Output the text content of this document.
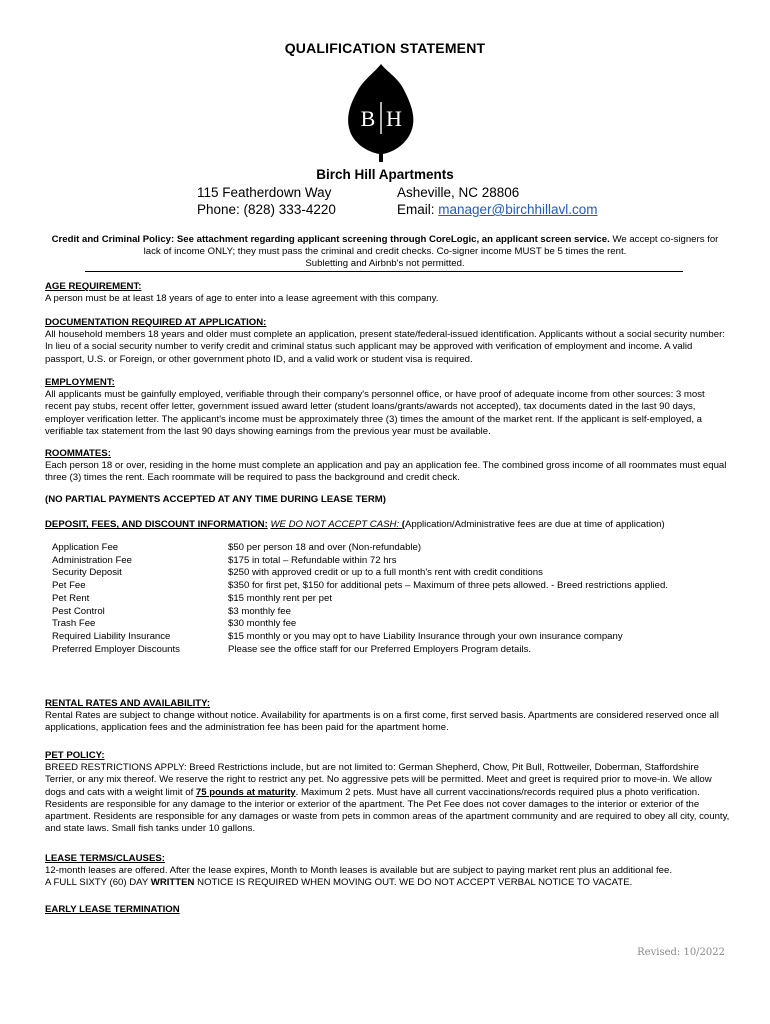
QUALIFICATION STATEMENT
B H
Birch Hill Apartments
115 Featherdown Way
Phone: (828) 333-4220
Asheville, NC 28806
Email: manager@birchhillavl.com
Credit and Criminal Policy: See attachment regarding applicant screening through CoreLogic, an applicant screen service. We accept co-signers for lack of income ONLY; they must pass the criminal and credit checks. Co-signer income MUST be 5 times the rent.
Subletting and Airbnb's not permitted.
AGE REQUIREMENT:
A person must be at least 18 years of age to enter into a lease agreement with this company.
DOCUMENTATION REQUIRED AT APPLICATION:
All household members 18 years and older must complete an application, present state/federal-issued identification. Applicants without a social security number: In lieu of a social security number to verify credit and criminal status such applicant may be approved with verification of employment and income. A valid passport, U.S. or Foreign, or other government photo ID, and a valid work or student visa is required.
EMPLOYMENT:
All applicants must be gainfully employed, verifiable through their company's personnel office, or have proof of adequate income from other sources: 3 most recent pay stubs, recent offer letter, government issued award letter (student loans/grants/awards not accepted), tax documents dated in the last 90 days, employer verification letter. The applicant's income must be approximately three (3) times the amount of the market rent. If the applicant is self-employed, a verifiable tax statement from the last 90 days showing earnings from the previous year must be available.
ROOMMATES:
Each person 18 or over, residing in the home must complete an application and pay an application fee. The combined gross income of all roommates must equal three (3) times the rent. Each roommate will be required to pass the background and credit check.
(NO PARTIAL PAYMENTS ACCEPTED AT ANY TIME DURING LEASE TERM)
DEPOSIT, FEES, AND DISCOUNT INFORMATION: WE DO NOT ACCEPT CASH: (Application/Administrative fees are due at time of application)
Application Fee	$50 per person 18 and over (Non-refundable)
Administration Fee	$175 in total – Refundable within 72 hrs
Security Deposit	$250 with approved credit or up to a full month's rent with credit conditions
Pet Fee	$350 for first pet, $150 for additional pets – Maximum of three pets allowed. - Breed restrictions applied.
Pet Rent	$15 monthly rent per pet
Pest Control	$3 monthly fee
Trash Fee	$30 monthly fee
Required Liability Insurance	$15 monthly or you may opt to have Liability Insurance through your own insurance company
Preferred Employer Discounts	Please see the office staff for our Preferred Employers Program details.
RENTAL RATES AND AVAILABILITY:
Rental Rates are subject to change without notice. Availability for apartments is on a first come, first served basis. Apartments are considered reserved once all applications, application fees and the administration fee has been paid for the apartment home.
PET POLICY:
BREED RESTRICTIONS APPLY: Breed Restrictions include, but are not limited to: German Shepherd, Chow, Pit Bull, Rottweiler, Doberman, Staffordshire Terrier, or any mix thereof. We reserve the right to restrict any pet. No aggressive pets will be permitted. Meet and greet is required prior to move-in. We allow dogs and cats with a weight limit of 75 pounds at maturity. Maximum 2 pets. Must have all current vaccinations/records required plus a photo verification. Residents are responsible for any damage to the interior or exterior of the apartment. The Pet Fee does not cover damages to the interior or exterior of the apartment. Residents are responsible for any damages or waste from pets in common areas of the apartment community and are required to obey all city, county, and state laws. Small fish tanks under 10 gallons.
LEASE TERMS/CLAUSES:
12-month leases are offered. After the lease expires, Month to Month leases is available but are subject to paying market rent plus an additional fee.
A FULL SIXTY (60) DAY WRITTEN NOTICE IS REQUIRED WHEN MOVING OUT. WE DO NOT ACCEPT VERBAL NOTICE TO VACATE.
EARLY LEASE TERMINATION
Revised: 10/2022
